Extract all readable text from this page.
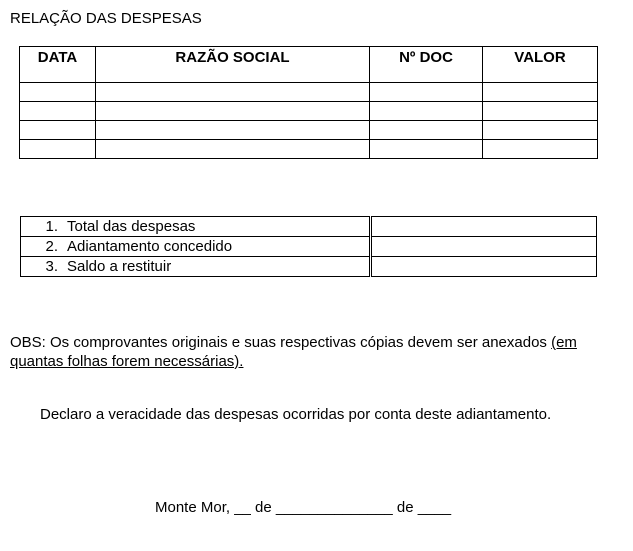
RELAÇÃO DAS DESPESAS
DATA	RAZÃO SOCIAL	Nº DOC	VALOR

1. Total das despesas		

2. Adiantamento concedido		

3. Saldo a restituir		

OBS: Os comprovantes originais e suas respectivas cópias devem ser anexados (em quantas folhas forem necessárias).
Declaro a veracidade das despesas ocorridas por conta deste adiantamento.
Monte Mor, __ de ______________ de ____
